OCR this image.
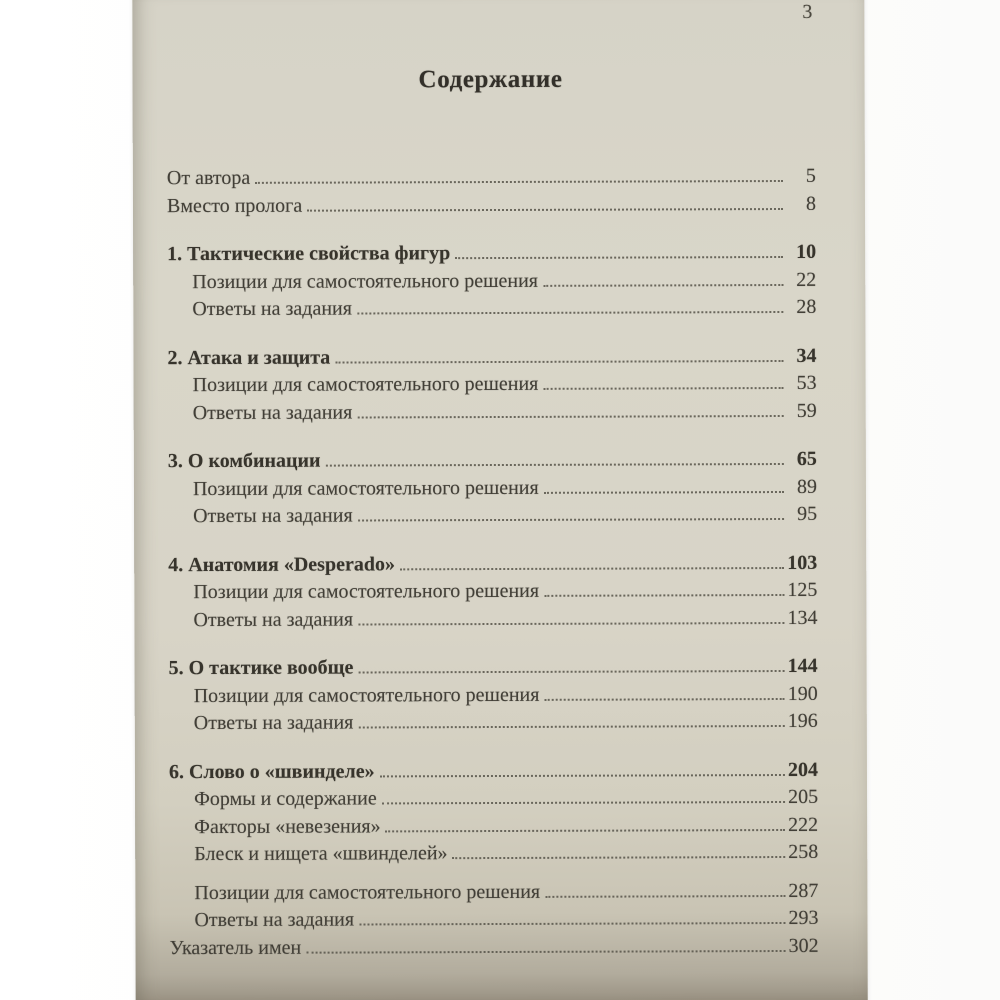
3
Содержание
От автора	5
Вместо пролога	8
1. Тактические свойства фигур	10
Позиции для самостоятельного решения	22
Ответы на задания	28
2. Атака и защита	34
Позиции для самостоятельного решения	53
Ответы на задания	59
3. О комбинации	65
Позиции для самостоятельного решения	89
Ответы на задания	95
4. Анатомия «Desperado»	103
Позиции для самостоятельного решения	125
Ответы на задания	134
5. О тактике вообще	144
Позиции для самостоятельного решения	190
Ответы на задания	196
6. Слово о «швинделе»	204
Формы и содержание	205
Факторы «невезения»	222
Блеск и нищета «швинделей»	258
Позиции для самостоятельного решения	287
Ответы на задания	293
Указатель имен	302
